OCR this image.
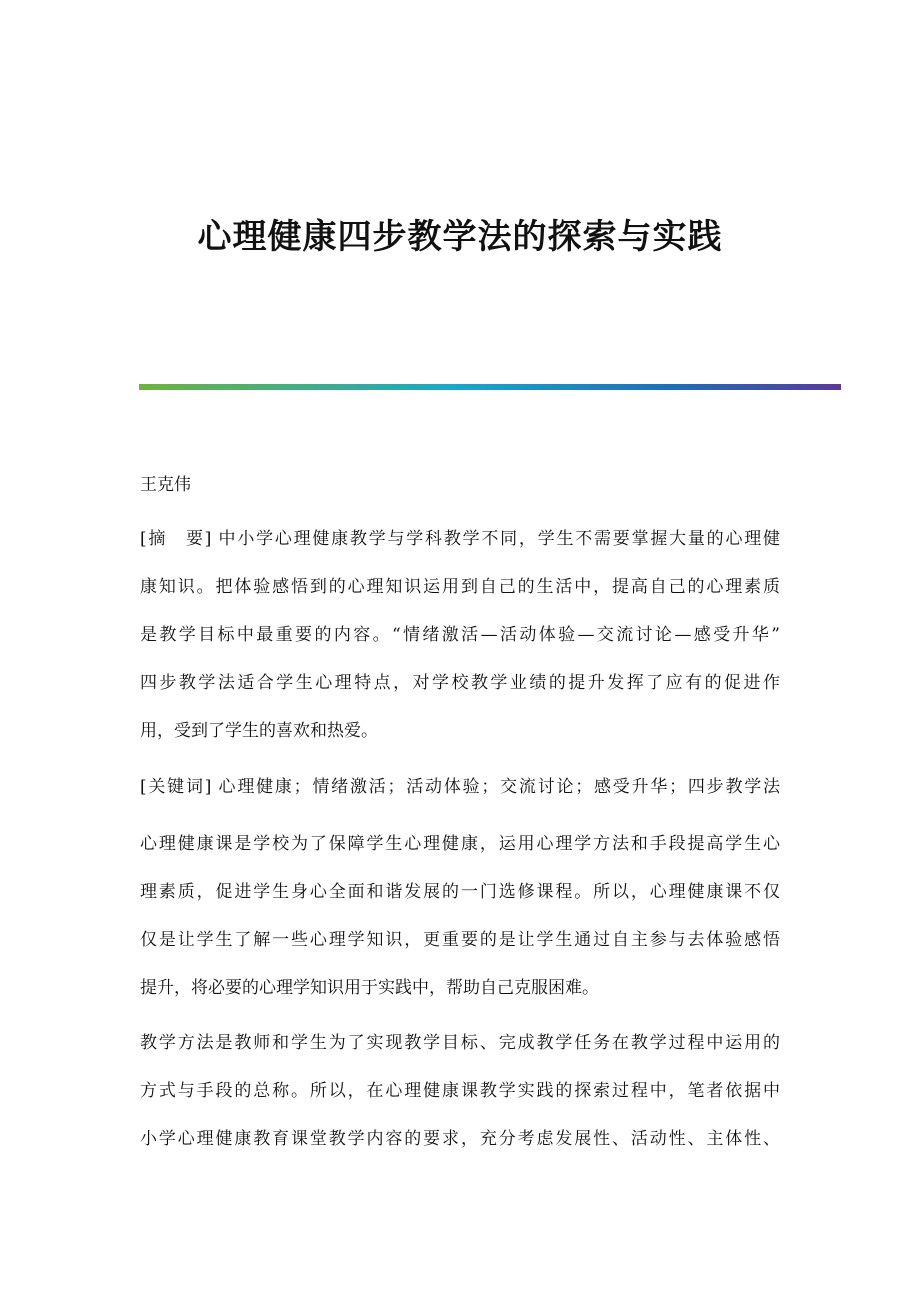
心理健康四步教学法的探索与实践

王克伟

[摘　要] 中小学心理健康教学与学科教学不同，学生不需要掌握大量的心理健
康知识。把体验感悟到的心理知识运用到自己的生活中，提高自己的心理素质
是教学目标中最重要的内容。“情绪激活—活动体验—交流讨论—感受升华”
四步教学法适合学生心理特点，对学校教学业绩的提升发挥了应有的促进作
用，受到了学生的喜欢和热爱。
[关键词] 心理健康；情绪激活；活动体验；交流讨论；感受升华；四步教学法
心理健康课是学校为了保障学生心理健康，运用心理学方法和手段提高学生心
理素质，促进学生身心全面和谐发展的一门选修课程。所以，心理健康课不仅
仅是让学生了解一些心理学知识，更重要的是让学生通过自主参与去体验感悟
提升，将必要的心理学知识用于实践中，帮助自己克服困难。
教学方法是教师和学生为了实现教学目标、完成教学任务在教学过程中运用的
方式与手段的总称。所以，在心理健康课教学实践的探索过程中，笔者依据中
小学心理健康教育课堂教学内容的要求，充分考虑发展性、活动性、主体性、
